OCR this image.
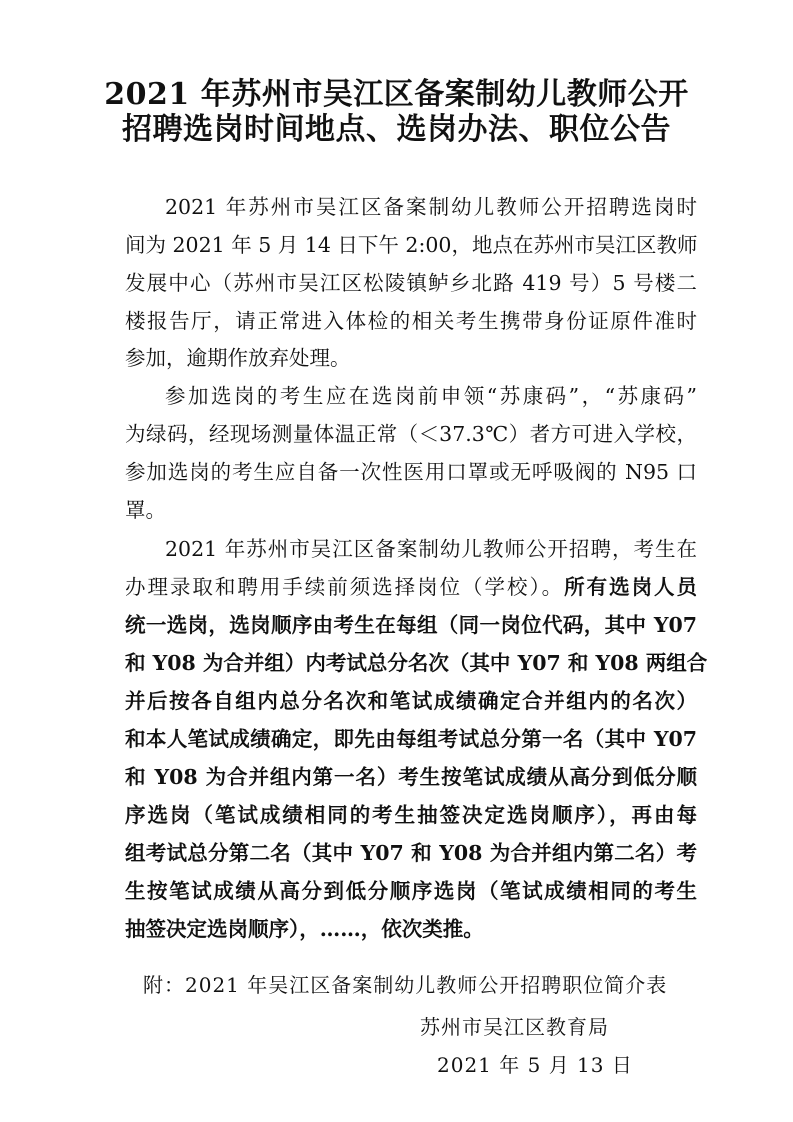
2021 年苏州市吴江区备案制幼儿教师公开
招聘选岗时间地点、选岗办法、职位公告
2021 年苏州市吴江区备案制幼儿教师公开招聘选岗时
间为 2021 年 5 月 14 日下午 2:00，地点在苏州市吴江区教师
发展中心（苏州市吴江区松陵镇鲈乡北路 419 号）5 号楼二
楼报告厅，请正常进入体检的相关考生携带身份证原件准时
参加，逾期作放弃处理。
参加选岗的考生应在选岗前申领“苏康码”，“苏康码”
为绿码，经现场测量体温正常（＜37.3℃）者方可进入学校，
参加选岗的考生应自备一次性医用口罩或无呼吸阀的 N95 口
罩。
2021 年苏州市吴江区备案制幼儿教师公开招聘，考生在
办理录取和聘用手续前须选择岗位（学校）。所有选岗人员
统一选岗，选岗顺序由考生在每组（同一岗位代码，其中 Y07
和 Y08 为合并组）内考试总分名次（其中 Y07 和 Y08 两组合
并后按各自组内总分名次和笔试成绩确定合并组内的名次）
和本人笔试成绩确定，即先由每组考试总分第一名（其中 Y07
和 Y08 为合并组内第一名）考生按笔试成绩从高分到低分顺
序选岗（笔试成绩相同的考生抽签决定选岗顺序），再由每
组考试总分第二名（其中 Y07 和 Y08 为合并组内第二名）考
生按笔试成绩从高分到低分顺序选岗（笔试成绩相同的考生
抽签决定选岗顺序），……，依次类推。
附：2021 年吴江区备案制幼儿教师公开招聘职位简介表
苏州市吴江区教育局
2021 年 5 月 13 日
